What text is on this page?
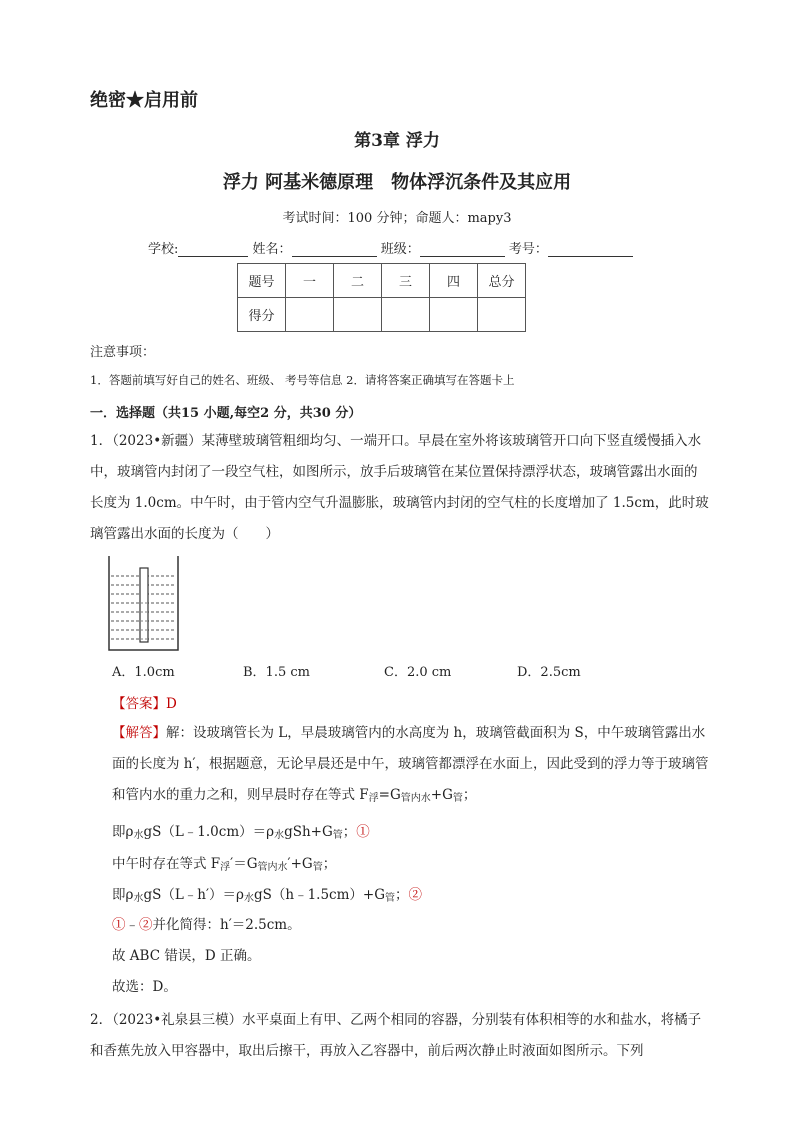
绝密★启用前
第3章 浮力
浮力 阿基米德原理　物体浮沉条件及其应用
考试时间：100 分钟；命题人：mapy3
学校:	姓名：	班级：	考号：
题号	一	二	三	四	总分
得分					
注意事项：
1．答题前填写好自己的姓名、班级、 考号等信息 2．请将答案正确填写在答题卡上
一．选择题（共15 小题,每空2 分，共30 分）
1．（2023•新疆）某薄壁玻璃管粗细均匀、一端开口。早晨在室外将该玻璃管开口向下竖直缓慢插入水中，玻璃管内封闭了一段空气柱，如图所示，放手后玻璃管在某位置保持漂浮状态，玻璃管露出水面的长度为 1.0cm。中午时，由于管内空气升温膨胀，玻璃管内封闭的空气柱的长度增加了 1.5cm，此时玻璃管露出水面的长度为（　　）
A．1.0cm	B．1.5 cm	C．2.0 cm	D．2.5cm
【答案】D
【解答】解：设玻璃管长为 L，早晨玻璃管内的水高度为 h，玻璃管截面积为 S，中午玻璃管露出水面的长度为 h′，根据题意，无论早晨还是中午，玻璃管都漂浮在水面上，因此受到的浮力等于玻璃管和管内水的重力之和，则早晨时存在等式 $F_浮=G_{管内水}+G_管$；
即$\rho_水gS(L﹣1.0cm)=\rho_水gSh+G_管$；①
中午时存在等式 $F_浮'=G_{管内水}'+G_管$；
即$\rho_水gS(L﹣h')=\rho_水gS(h﹣1.5cm)+G_管$；②
①﹣②并化简得：h′＝2.5cm。
故 ABC 错误，D 正确。
故选：D。
2．（2023•礼泉县三模）水平桌面上有甲、乙两个相同的容器，分别装有体积相等的水和盐水，将橘子和香蕉先放入甲容器中，取出后擦干，再放入乙容器中，前后两次静止时液面如图所示。下列
